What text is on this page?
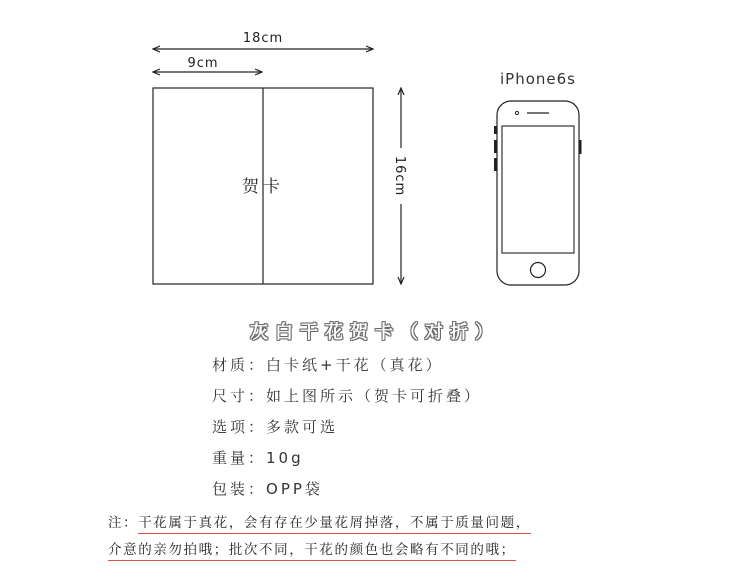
18cm
9cm
贺卡	16cm
iPhone6s
灰白干花贺卡（对折）
材质：白卡纸+干花（真花）
尺寸：如上图所示（贺卡可折叠）
选项：多款可选
重量：10g
包装：OPP袋
注：干花属于真花，会有存在少量花屑掉落，不属于质量问题，
介意的亲勿拍哦；批次不同，干花的颜色也会略有不同的哦；
